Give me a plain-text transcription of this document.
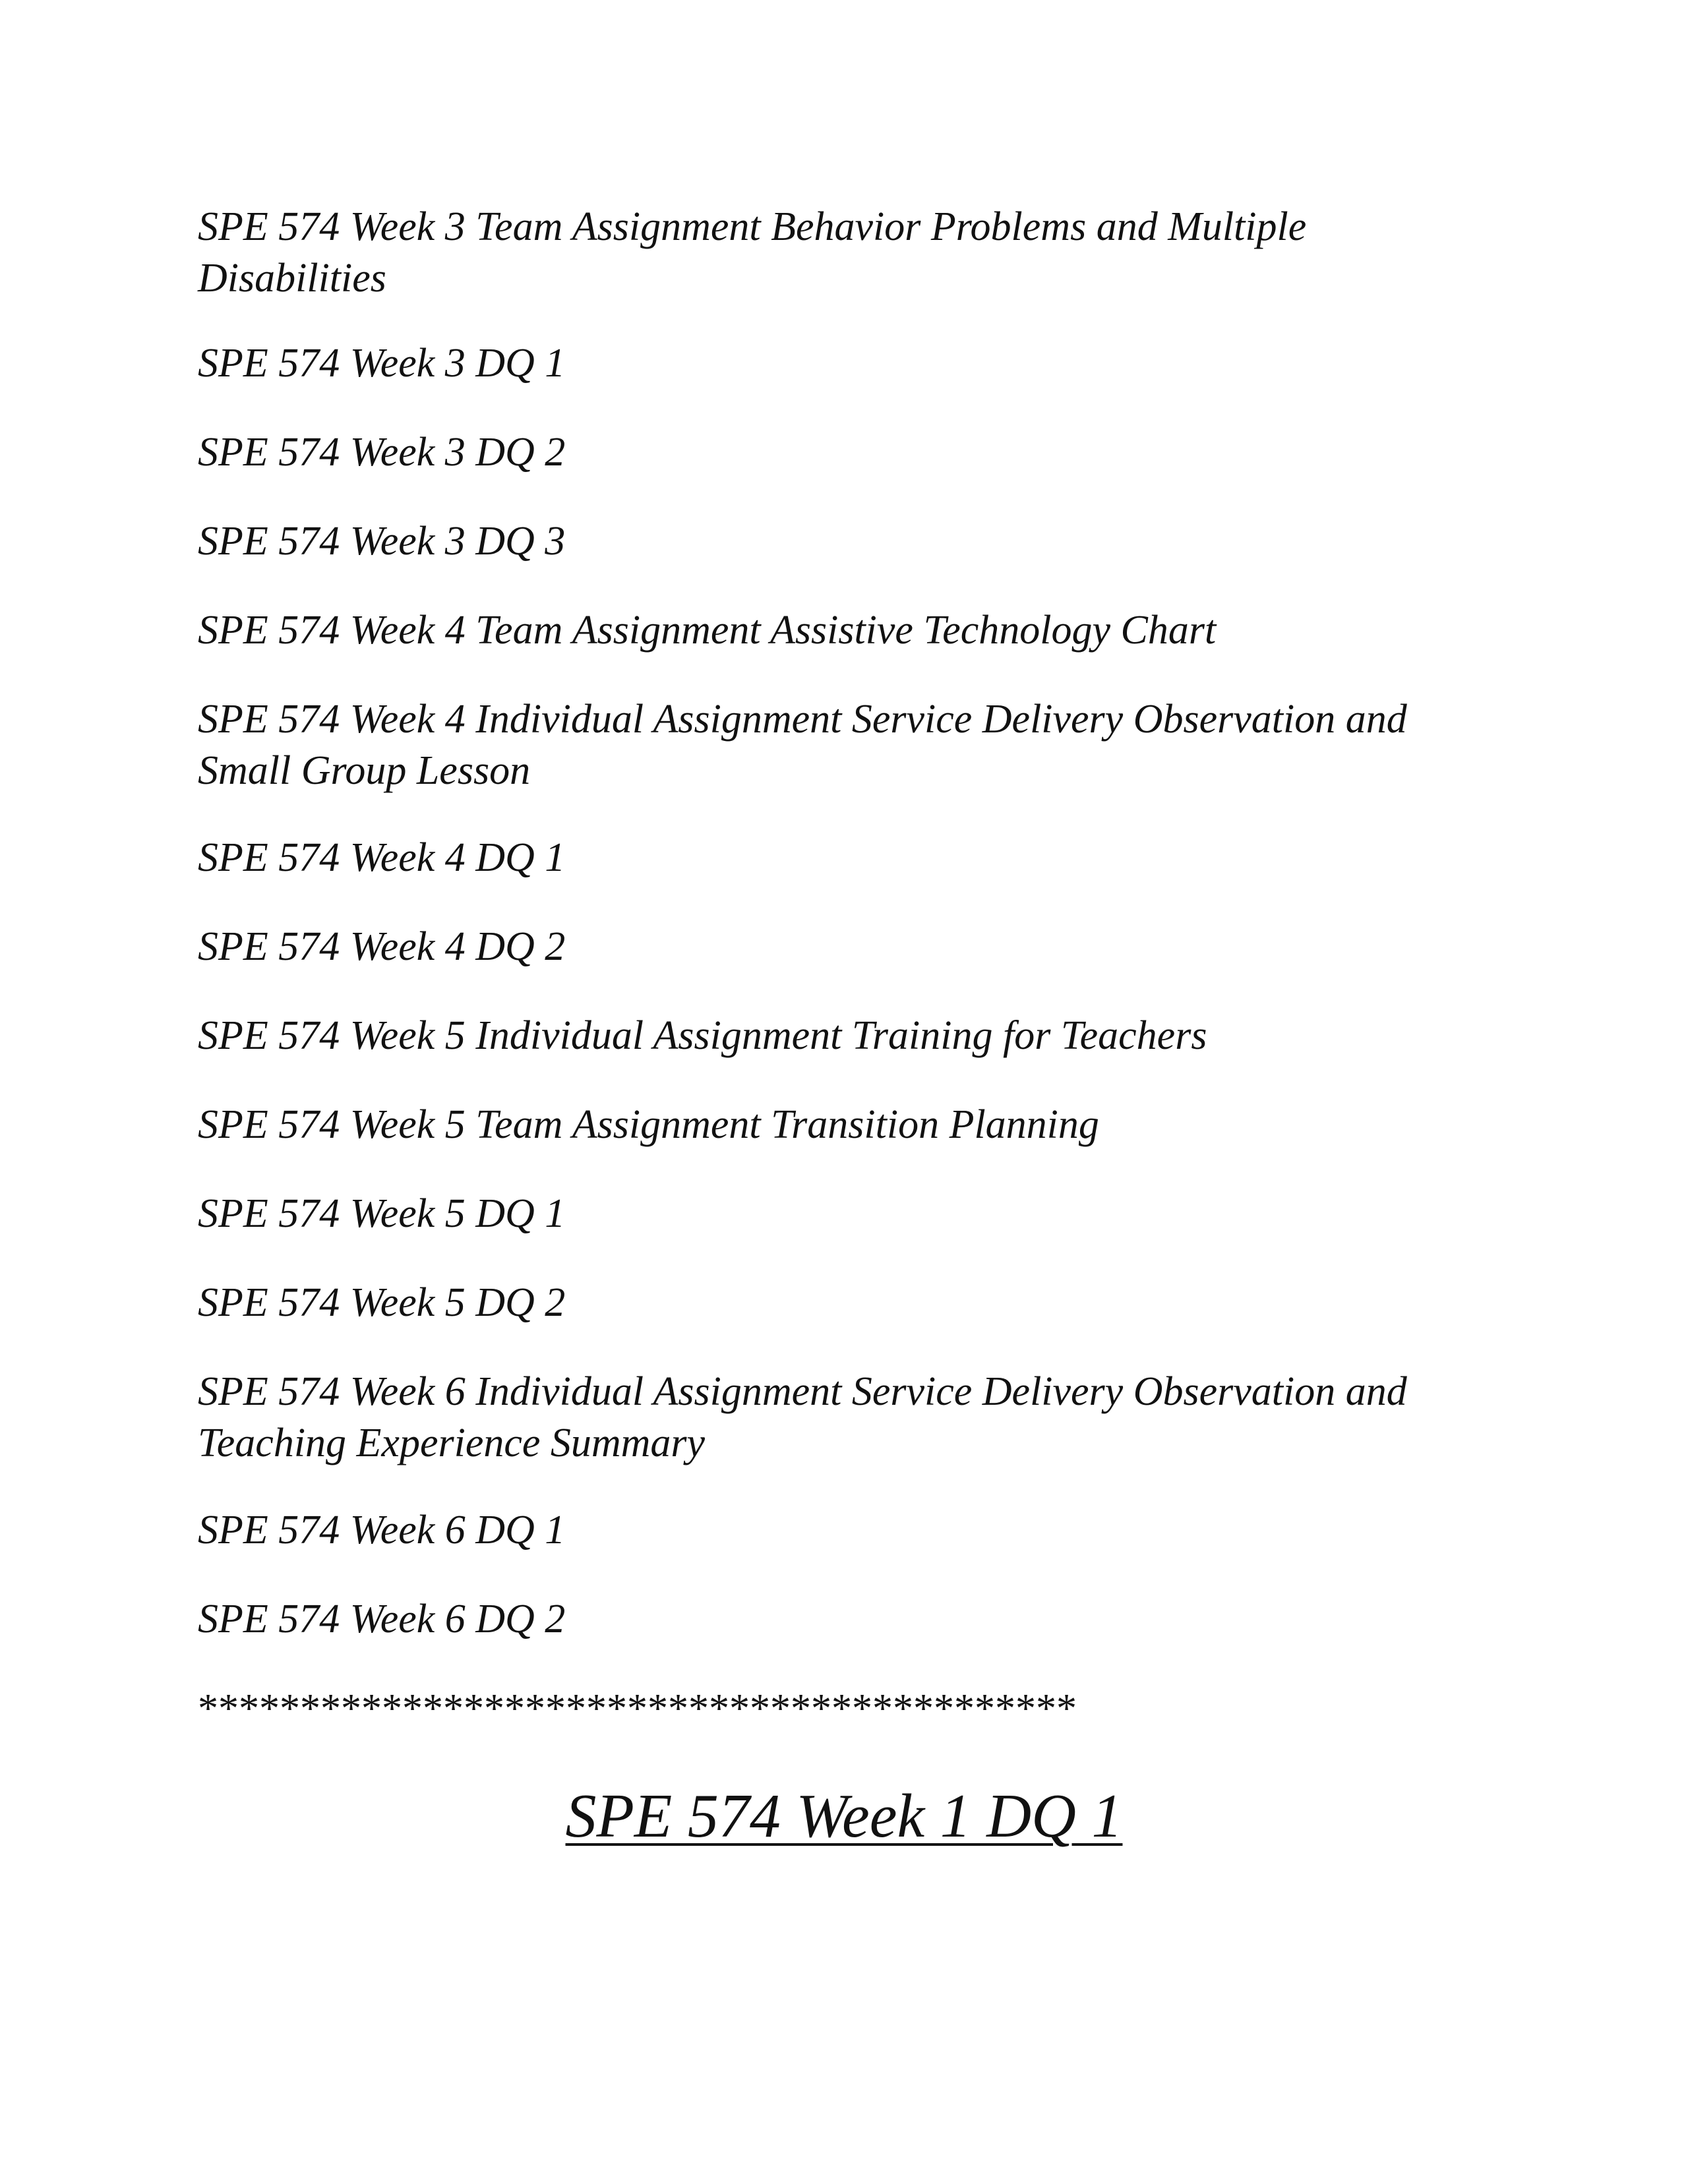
SPE 574 Week 3 Team Assignment Behavior Problems and Multiple Disabilities
SPE 574 Week 3 DQ 1
SPE 574 Week 3 DQ 2
SPE 574 Week 3 DQ 3
SPE 574 Week 4 Team Assignment Assistive Technology Chart
SPE 574 Week 4 Individual Assignment Service Delivery Observation and Small Group Lesson
SPE 574 Week 4 DQ 1
SPE 574 Week 4 DQ 2
SPE 574 Week 5 Individual Assignment Training for Teachers
SPE 574 Week 5 Team Assignment Transition Planning
SPE 574 Week 5 DQ 1
SPE 574 Week 5 DQ 2
SPE 574 Week 6 Individual Assignment Service Delivery Observation and Teaching Experience Summary
SPE 574 Week 6 DQ 1
SPE 574 Week 6 DQ 2
*******************************************
SPE 574 Week 1 DQ 1
